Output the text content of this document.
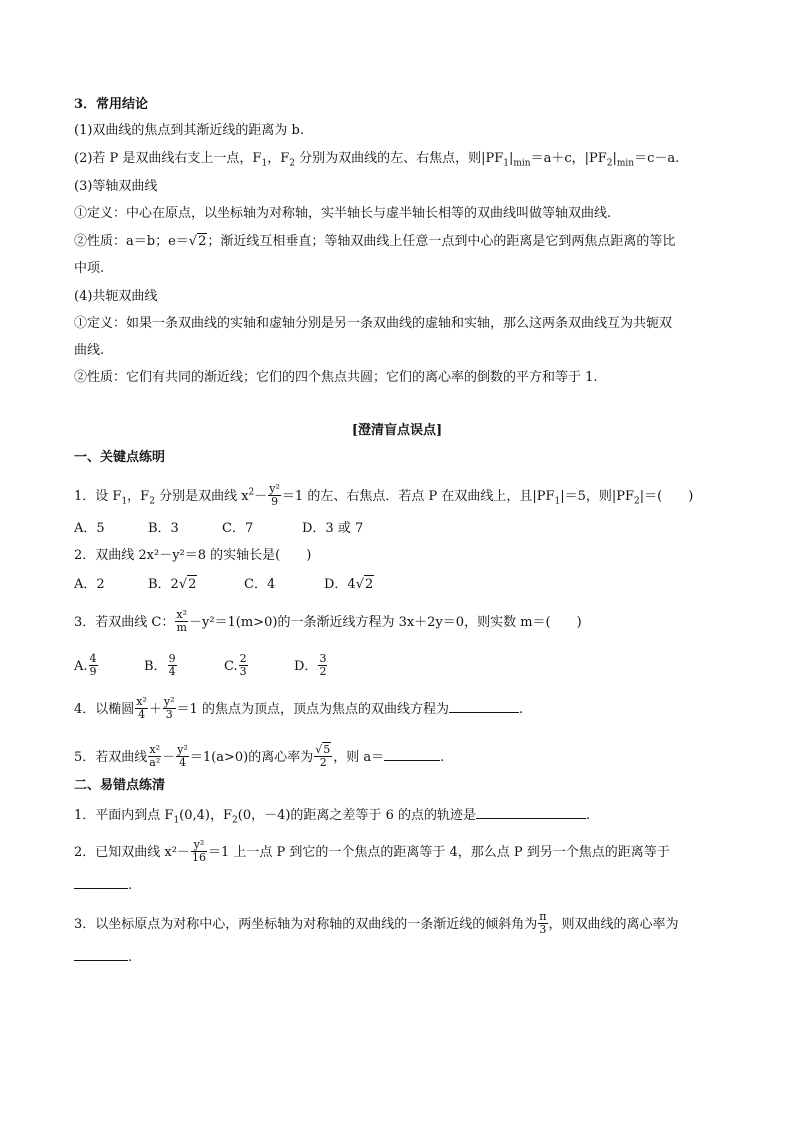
3．常用结论
(1)双曲线的焦点到其渐近线的距离为 b.
(2)若 P 是双曲线右支上一点，$F_1$，$F_2$ 分别为双曲线的左、右焦点，则$|PF_1|_{min}=a+c$，$|PF_2|_{min}=c-a$.
(3)等轴双曲线
①定义：中心在原点，以坐标轴为对称轴，实半轴长与虚半轴长相等的双曲线叫做等轴双曲线.
②性质：a＝b；e＝√2；渐近线互相垂直；等轴双曲线上任意一点到中心的距离是它到两焦点距离的等比
中项.
(4)共轭双曲线
①定义：如果一条双曲线的实轴和虚轴分别是另一条双曲线的虚轴和实轴，那么这两条双曲线互为共轭双
曲线.
②性质：它们有共同的渐近线；它们的四个焦点共圆；它们的离心率的倒数的平方和等于 1.
[澄清盲点误点]
一、关键点练明
1．设 $F_1$，$F_2$ 分别是双曲线 $x^2- \frac{\text{y²}}{9} =1$ 的左、右焦点．若点 P 在双曲线上，且$|PF_1|=5$，则$|PF_2|=$(　　)
A．5	B．3	C．7	D．3 或 7
2．双曲线 2x²－y²＝8 的实轴长是(　　)
A．2	B．2√2	C．4	D．4√2
3．若双曲线 C： $\frac{\text{x²}}{m} -y^2=1(m>0)$的一条渐近线方程为 3x＋2y＝0，则实数 m＝(　　)
A. $\frac{4}{9}$	B． $\frac{9}{4}$	C. $\frac{2}{3}$	D． $\frac{3}{2}$
4．以椭圆 $\frac{\text{x²}}{4} + \frac{\text{y²}}{3} =1$ 的焦点为顶点，顶点为焦点的双曲线方程为	.
5．若双曲线 $\frac{\text{x²}}{\text{a²}} - \frac{\text{y²}}{4} =1(a>0)$的离心率为 $\frac{√5}{2}$ ，则 a＝	.
二、易错点练清
1．平面内到点 $F_1(0,4)$，$F_2(0$，－4)的距离之差等于 6 的点的轨迹是	.
2．已知双曲线 $x^2- \frac{\text{y²}}{16} =1$ 上一点 P 到它的一个焦点的距离等于 4，那么点 P 到另一个焦点的距离等于
.
3．以坐标原点为对称中心，两坐标轴为对称轴的双曲线的一条渐近线的倾斜角为 $\frac{\pi}{3}$ ，则双曲线的离心率为
.
